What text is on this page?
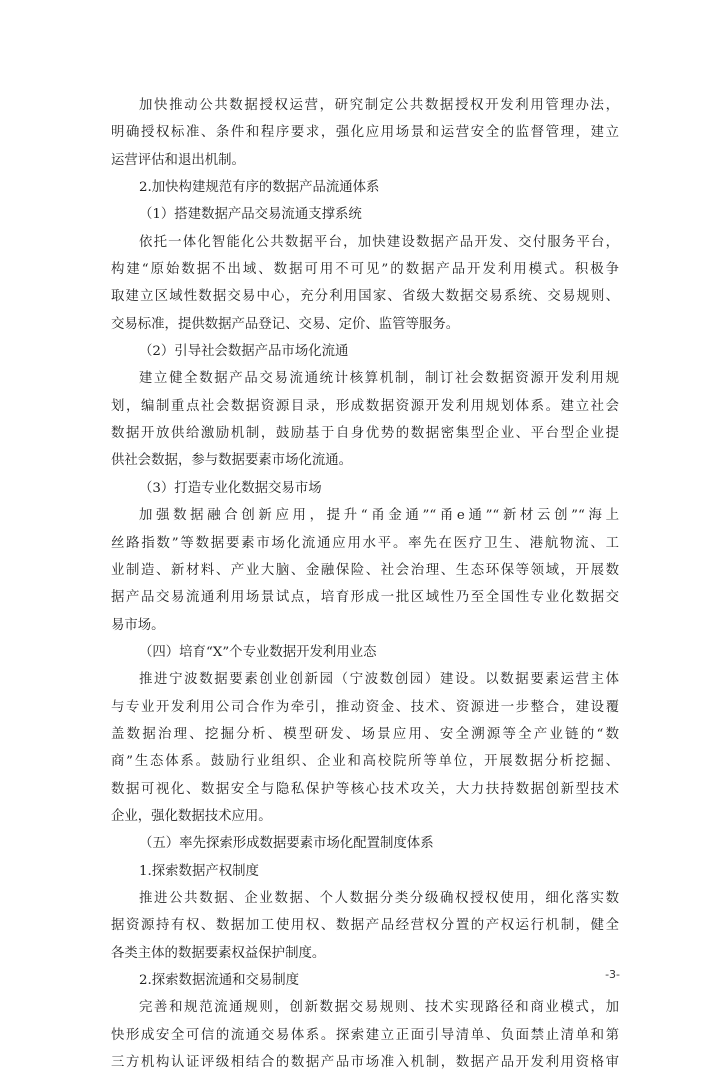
加快推动公共数据授权运营，研究制定公共数据授权开发利用管理办法，
明确授权标准、条件和程序要求，强化应用场景和运营安全的监督管理，建立
运营评估和退出机制。
2.加快构建规范有序的数据产品流通体系
（1）搭建数据产品交易流通支撑系统
依托一体化智能化公共数据平台，加快建设数据产品开发、交付服务平台，
构建“原始数据不出域、数据可用不可见”的数据产品开发利用模式。积极争
取建立区域性数据交易中心，充分利用国家、省级大数据交易系统、交易规则、
交易标准，提供数据产品登记、交易、定价、监管等服务。
（2）引导社会数据产品市场化流通
建立健全数据产品交易流通统计核算机制，制订社会数据资源开发利用规
划，编制重点社会数据资源目录，形成数据资源开发利用规划体系。建立社会
数据开放供给激励机制，鼓励基于自身优势的数据密集型企业、平台型企业提
供社会数据，参与数据要素市场化流通。
（3）打造专业化数据交易市场
加强数据融合创新应用，提升“甬金通”“甬e通”“新材云创”“海上
丝路指数”等数据要素市场化流通应用水平。率先在医疗卫生、港航物流、工
业制造、新材料、产业大脑、金融保险、社会治理、生态环保等领域，开展数
据产品交易流通利用场景试点，培育形成一批区域性乃至全国性专业化数据交
易市场。
（四）培育“X”个专业数据开发利用业态
推进宁波数据要素创业创新园（宁波数创园）建设。以数据要素运营主体
与专业开发利用公司合作为牵引，推动资金、技术、资源进一步整合，建设覆
盖数据治理、挖掘分析、模型研发、场景应用、安全溯源等全产业链的“数
商”生态体系。鼓励行业组织、企业和高校院所等单位，开展数据分析挖掘、
数据可视化、数据安全与隐私保护等核心技术攻关，大力扶持数据创新型技术
企业，强化数据技术应用。
（五）率先探索形成数据要素市场化配置制度体系
1.探索数据产权制度
推进公共数据、企业数据、个人数据分类分级确权授权使用，细化落实数
据资源持有权、数据加工使用权、数据产品经营权分置的产权运行机制，健全
各类主体的数据要素权益保护制度。
2.探索数据流通和交易制度
完善和规范流通规则，创新数据交易规则、技术实现路径和商业模式，加
快形成安全可信的流通交易体系。探索建立正面引导清单、负面禁止清单和第
三方机构认证评级相结合的数据产品市场准入机制，数据产品开发利用资格审
-3-
